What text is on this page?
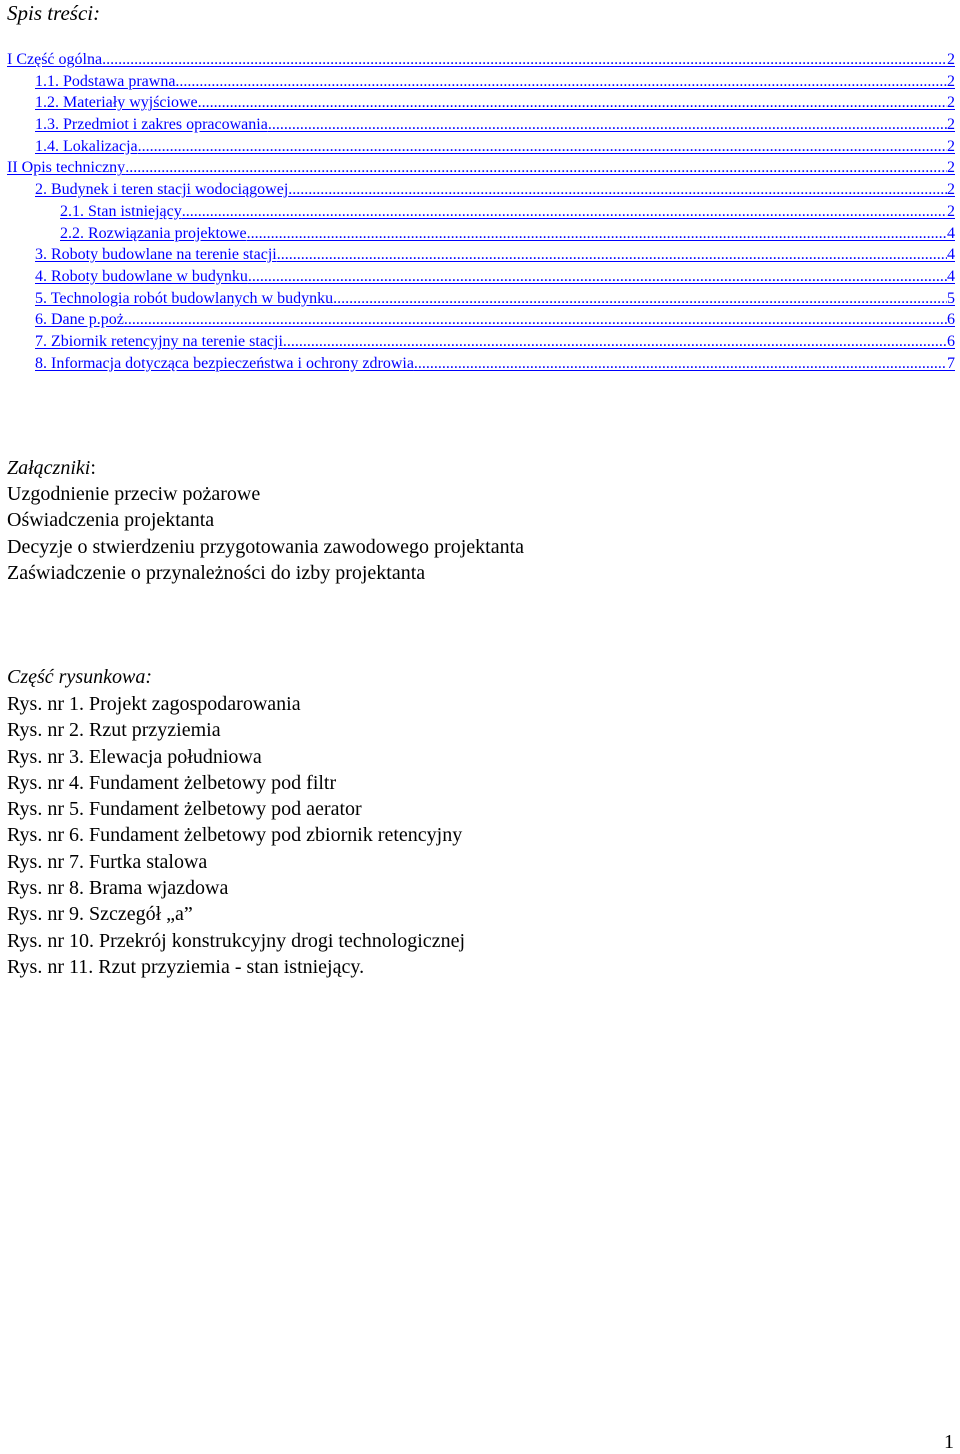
Spis treści:
I Część ogólna .....	2
1.1. Podstawa prawna .....	2
1.2. Materiały wyjściowe .....	2
1.3. Przedmiot i zakres opracowania .....	2
1.4. Lokalizacja .....	2
II Opis techniczny .....	2
2. Budynek i teren stacji wodociągowej .....	2
2.1. Stan istniejący .....	2
2.2. Rozwiązania projektowe .....	4
3. Roboty budowlane na terenie stacji .....	4
4. Roboty budowlane w budynku .....	4
5. Technologia robót budowlanych w budynku .....	5
6. Dane p.poż .....	6
7. Zbiornik retencyjny na terenie stacji .....	6
8. Informacja dotycząca bezpieczeństwa i ochrony zdrowia .....	7
Załączniki:
Uzgodnienie przeciw pożarowe
Oświadczenia projektanta
Decyzje o stwierdzeniu przygotowania zawodowego projektanta
Zaświadczenie o przynależności do izby projektanta
Część rysunkowa:
Rys. nr 1. Projekt zagospodarowania
Rys. nr 2. Rzut przyziemia
Rys. nr 3. Elewacja południowa
Rys. nr 4. Fundament żelbetowy pod filtr
Rys. nr 5. Fundament żelbetowy pod aerator
Rys. nr 6. Fundament żelbetowy pod zbiornik retencyjny
Rys. nr 7. Furtka stalowa
Rys. nr 8. Brama wjazdowa
Rys. nr 9. Szczegół „a”
Rys. nr 10. Przekrój konstrukcyjny drogi technologicznej
Rys. nr 11. Rzut przyziemia - stan istniejący.
1
